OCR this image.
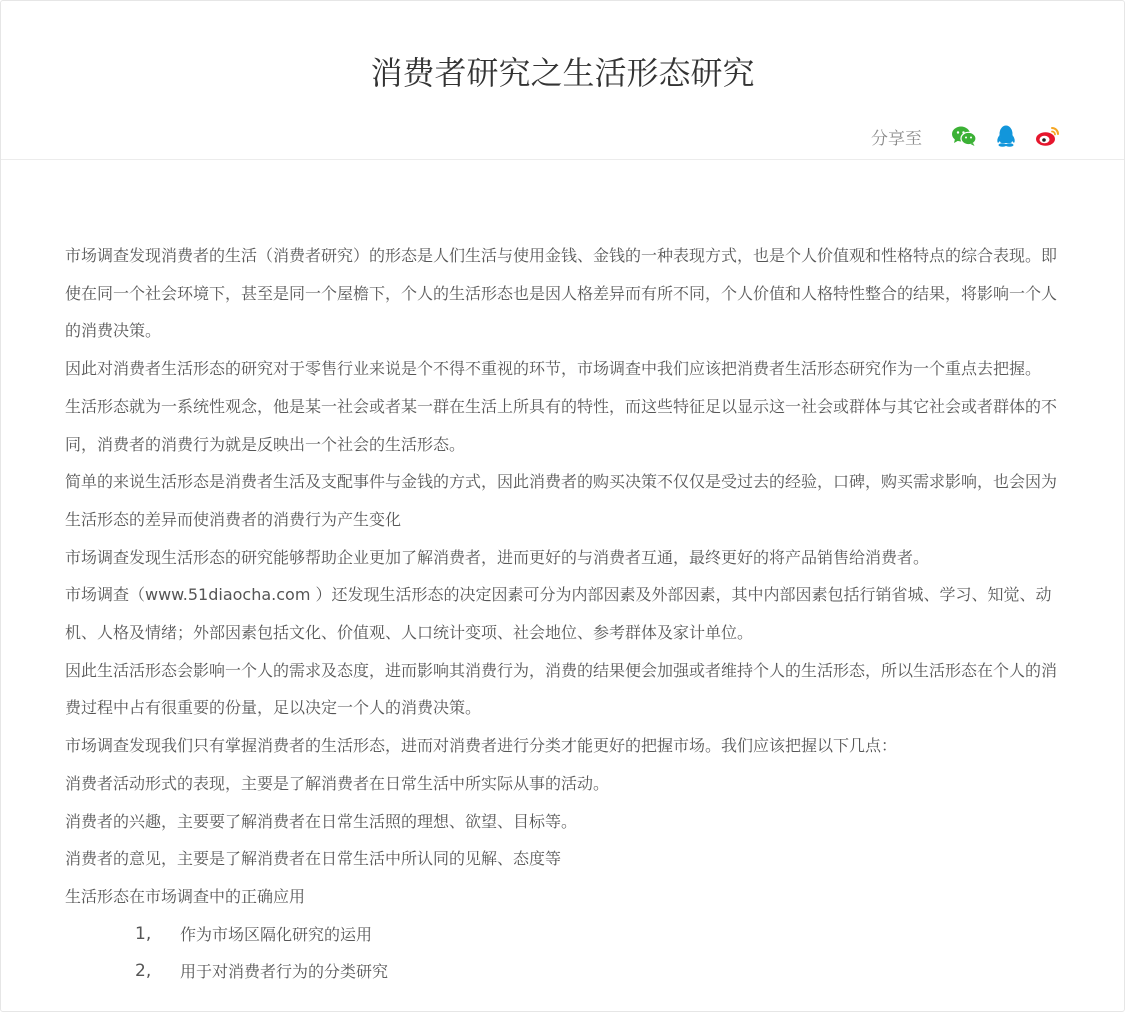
消费者研究之生活形态研究
分享至

市场调查发现消费者的生活（消费者研究）的形态是人们生活与使用金钱、金钱的一种表现方式，也是个人价值观和性格特点的综合表现。即使在同一个社会环境下，甚至是同一个屋檐下，个人的生活形态也是因人格差异而有所不同，个人价值和人格特性整合的结果，将影响一个人的消费决策。

因此对消费者生活形态的研究对于零售行业来说是个不得不重视的环节，市场调查中我们应该把消费者生活形态研究作为一个重点去把握。

生活形态就为一系统性观念，他是某一社会或者某一群在生活上所具有的特性，而这些特征足以显示这一社会或群体与其它社会或者群体的不同，消费者的消费行为就是反映出一个社会的生活形态。

简单的来说生活形态是消费者生活及支配事件与金钱的方式，因此消费者的购买决策不仅仅是受过去的经验，口碑，购买需求影响，也会因为生活形态的差异而使消费者的消费行为产生变化

市场调查发现生活形态的研究能够帮助企业更加了解消费者，进而更好的与消费者互通，最终更好的将产品销售给消费者。

市场调查（www.51diaocha.com ）还发现生活形态的决定因素可分为内部因素及外部因素，其中内部因素包括行销省城、学习、知觉、动机、人格及情绪；外部因素包括文化、价值观、人口统计变项、社会地位、参考群体及家计单位。

因此生活活形态会影响一个人的需求及态度，进而影响其消费行为，消费的结果便会加强或者维持个人的生活形态，所以生活形态在个人的消费过程中占有很重要的份量，足以决定一个人的消费决策。

市场调查发现我们只有掌握消费者的生活形态，进而对消费者进行分类才能更好的把握市场。我们应该把握以下几点：

消费者活动形式的表现，主要是了解消费者在日常生活中所实际从事的活动。

消费者的兴趣，主要要了解消费者在日常生活照的理想、欲望、目标等。

消费者的意见，主要是了解消费者在日常生活中所认同的见解、态度等

生活形态在市场调查中的正确应用

1,	作为市场区隔化研究的运用
2,	用于对消费者行为的分类研究
